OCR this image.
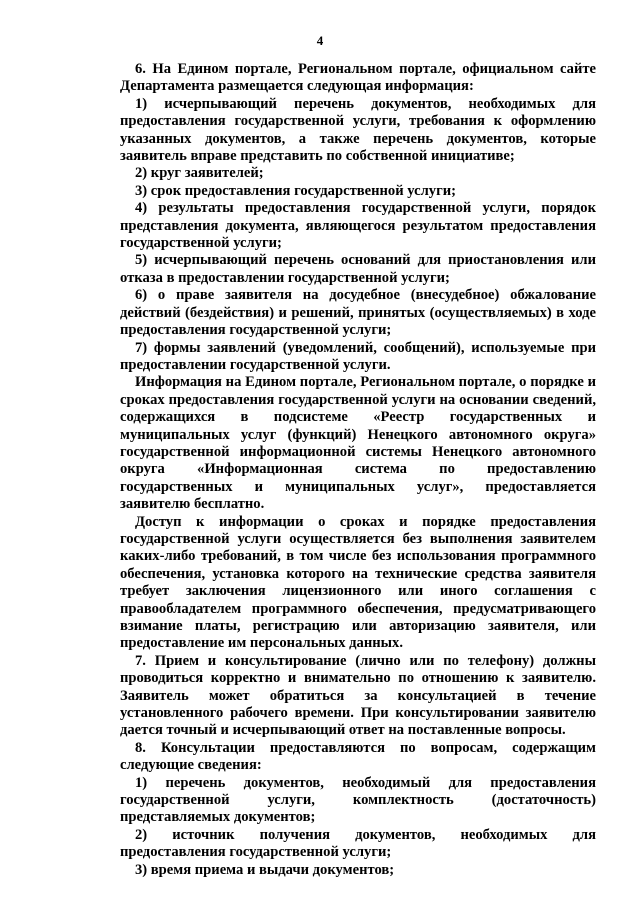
4

6. На Едином портале, Региональном портале, официальном сайте Департамента размещается следующая информация:

1) исчерпывающий перечень документов, необходимых для предоставления государственной услуги, требования к оформлению указанных документов, а также перечень документов, которые заявитель вправе представить по собственной инициативе;

2) круг заявителей;

3) срок предоставления государственной услуги;

4) результаты предоставления государственной услуги, порядок представления документа, являющегося результатом предоставления государственной услуги;

5) исчерпывающий перечень оснований для приостановления или отказа в предоставлении государственной услуги;

6) о праве заявителя на досудебное (внесудебное) обжалование действий (бездействия) и решений, принятых (осуществляемых) в ходе предоставления государственной услуги;

7) формы заявлений (уведомлений, сообщений), используемые при предоставлении государственной услуги.

Информация на Едином портале, Региональном портале, о порядке и сроках предоставления государственной услуги на основании сведений, содержащихся в подсистеме «Реестр государственных и муниципальных услуг (функций) Ненецкого автономного округа» государственной информационной системы Ненецкого автономного округа «Информационная система по предоставлению государственных и муниципальных услуг», предоставляется заявителю бесплатно.

Доступ к информации о сроках и порядке предоставления государственной услуги осуществляется без выполнения заявителем каких-либо требований, в том числе без использования программного обеспечения, установка которого на технические средства заявителя требует заключения лицензионного или иного соглашения с правообладателем программного обеспечения, предусматривающего взимание платы, регистрацию или авторизацию заявителя, или предоставление им персональных данных.

7. Прием и консультирование (лично или по телефону) должны проводиться корректно и внимательно по отношению к заявителю. Заявитель может обратиться за консультацией в течение установленного рабочего времени. При консультировании заявителю дается точный и исчерпывающий ответ на поставленные вопросы.

8. Консультации предоставляются по вопросам, содержащим следующие сведения:

1) перечень документов, необходимый для предоставления государственной услуги, комплектность (достаточность) представляемых документов;

2) источник получения документов, необходимых для предоставления государственной услуги;

3) время приема и выдачи документов;
